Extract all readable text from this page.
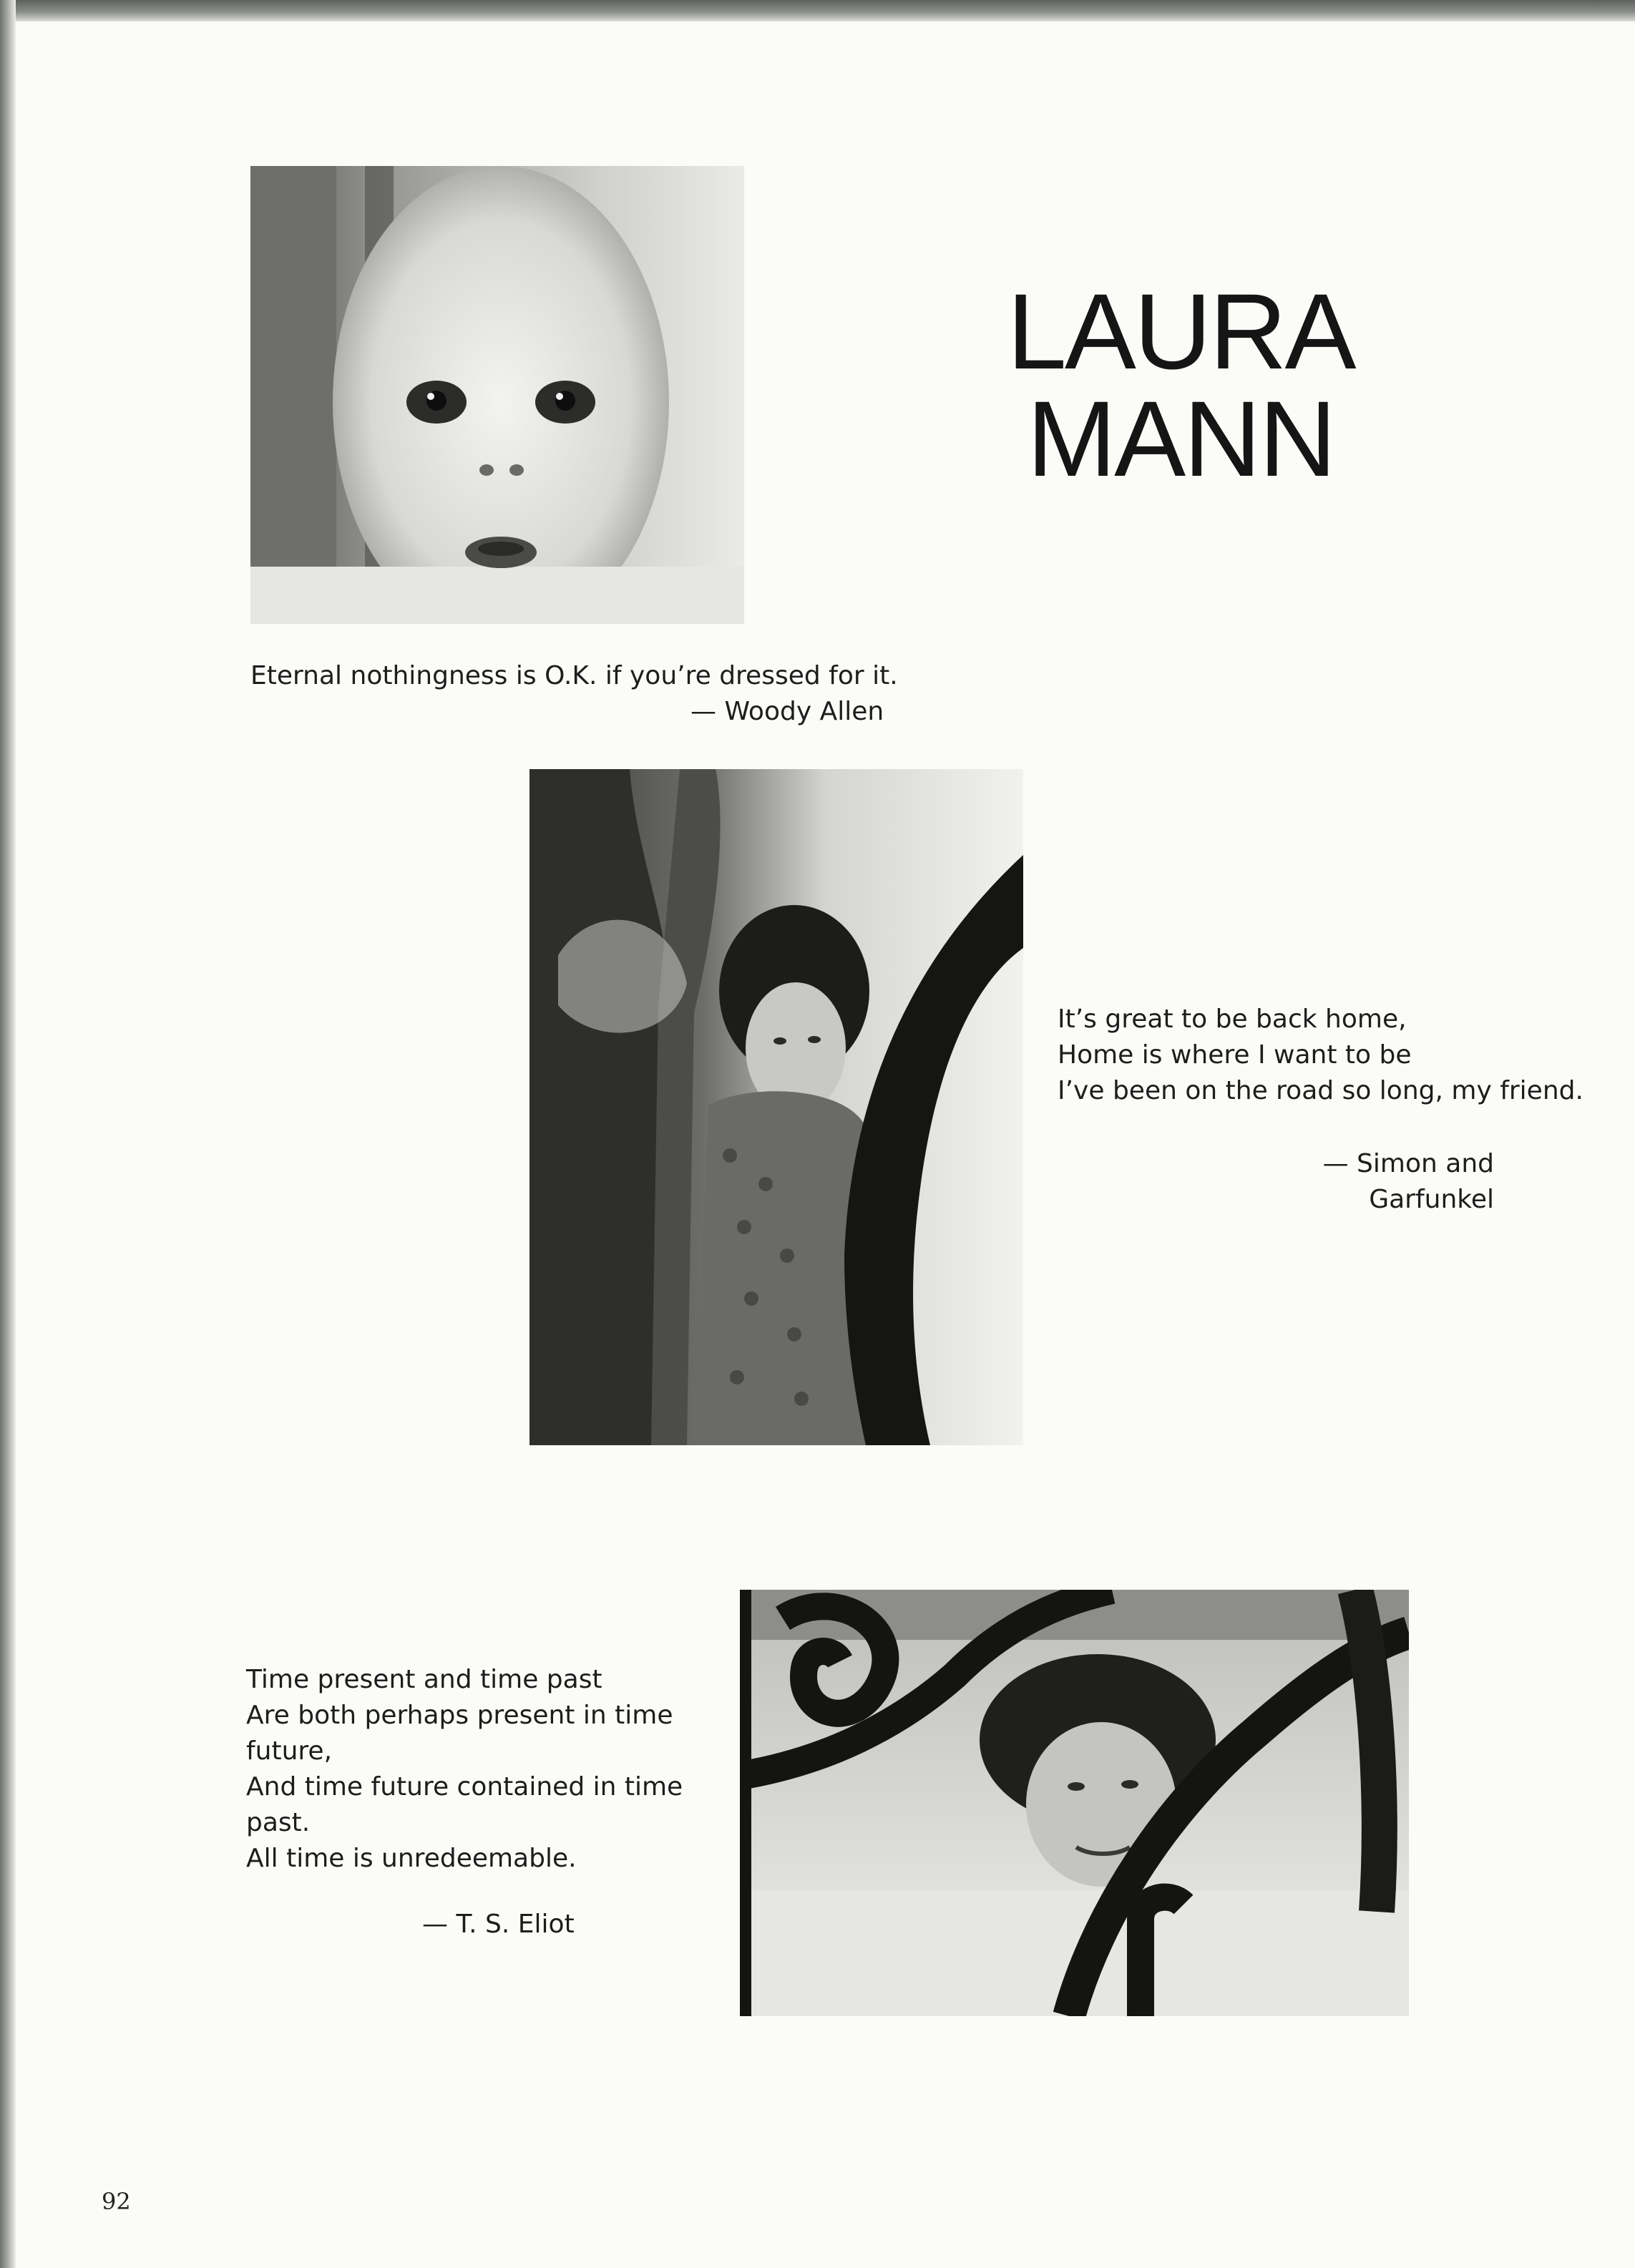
LAURA
MANN
Eternal nothingness is O.K. if you’re dressed for it.
— Woody Allen
It’s great to be back home,
Home is where I want to be
I’ve been on the road so long, my friend.
— Simon and
Garfunkel
Time present and time past
Are both perhaps present in time
future,
And time future contained in time
past.
All time is unredeemable.
— T. S. Eliot
92
